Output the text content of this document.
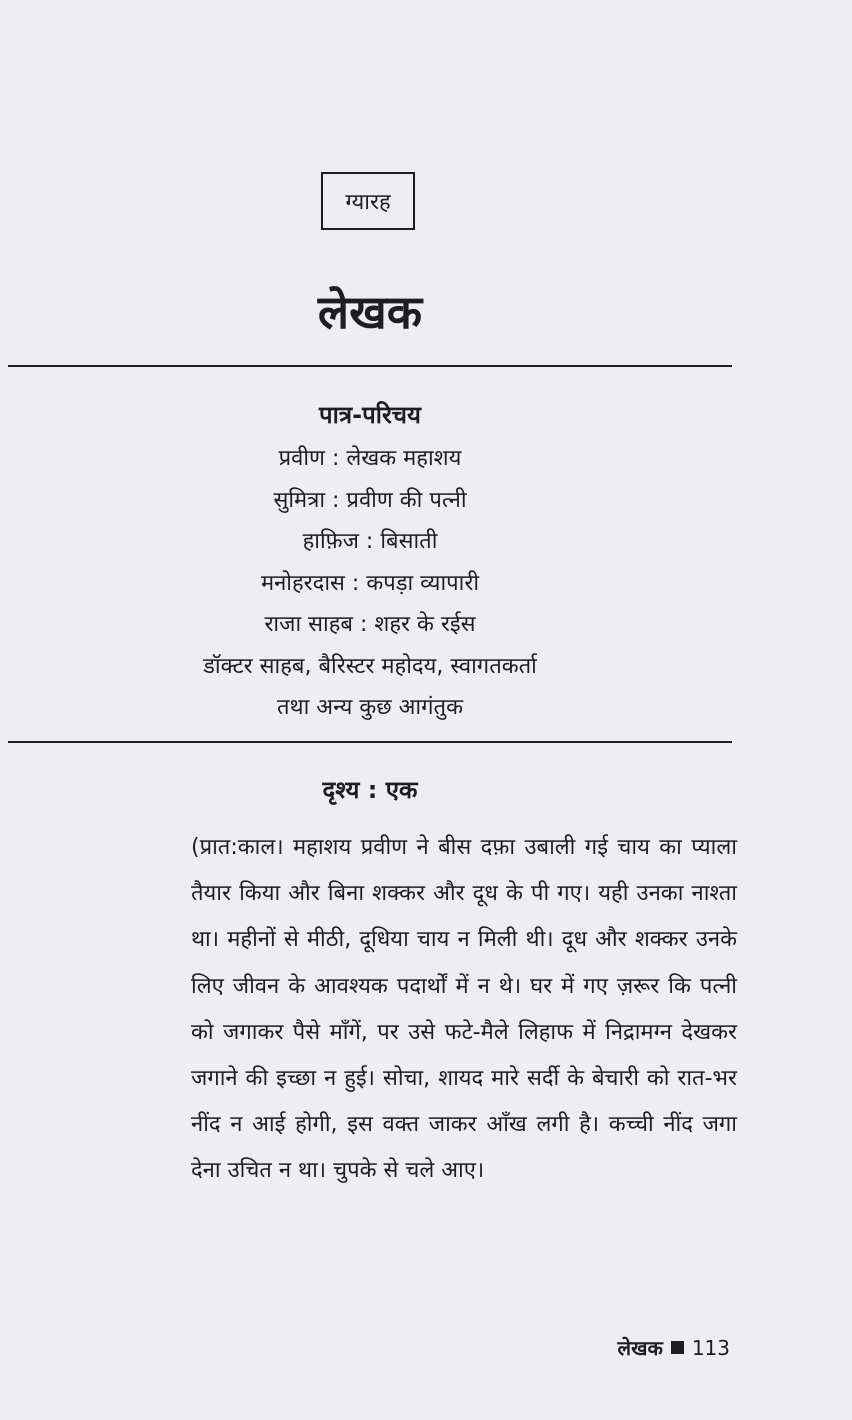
ग्यारह
लेखक
पात्र-परिचय
प्रवीण : लेखक महाशय
सुमित्रा : प्रवीण की पत्नी
हाफ़िज : बिसाती
मनोहरदास : कपड़ा व्यापारी
राजा साहब : शहर के रईस
डॉक्टर साहब, बैरिस्टर महोदय, स्वागतकर्ता
तथा अन्य कुछ आगंतुक
दृश्य : एक
(प्रात:काल। महाशय प्रवीण ने बीस दफ़ा उबाली गई चाय का प्याला तैयार किया और बिना शक्कर और दूध के पी गए। यही उनका नाश्ता था। महीनों से मीठी, दूधिया चाय न मिली थी। दूध और शक्कर उनके लिए जीवन के आवश्यक पदार्थों में न थे। घर में गए ज़रूर कि पत्नी को जगाकर पैसे माँगें, पर उसे फटे-मैले लिहाफ में निद्रामग्न देखकर जगाने की इच्छा न हुई। सोचा, शायद मारे सर्दी के बेचारी को रात-भर नींद न आई होगी, इस वक्त जाकर आँख लगी है। कच्ची नींद जगा देना उचित न था। चुपके से चले आए।
लेखक 113
